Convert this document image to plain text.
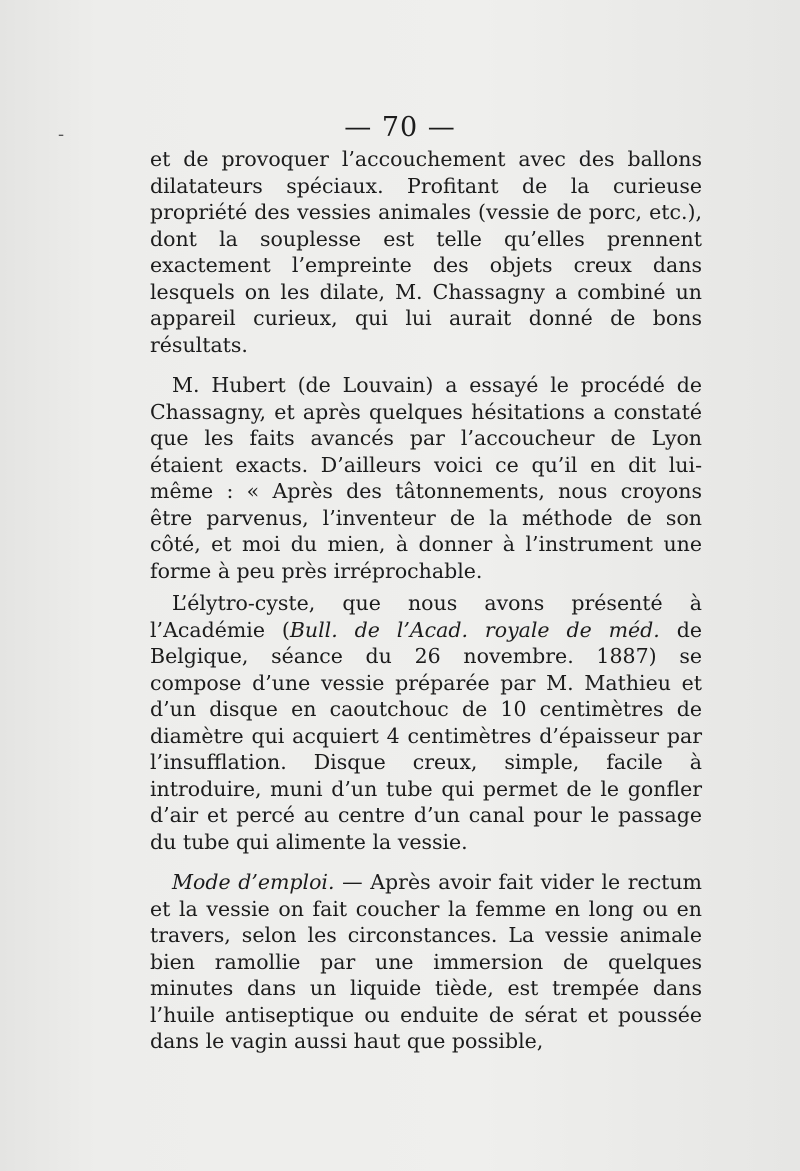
‑	— 70 —

et de provoquer l’accouchement avec des ballons dilatateurs spéciaux. Profitant de la curieuse propriété des vessies animales (vessie de porc, etc.), dont la souplesse est telle qu’elles prennent exactement l’empreinte des objets creux dans lesquels on les dilate, M. Chassagny a combiné un appareil curieux, qui lui aurait donné de bons résultats.

M. Hubert (de Louvain) a essayé le procédé de Chassagny, et après quelques hésitations a constaté que les faits avancés par l’accoucheur de Lyon étaient exacts. D’ailleurs voici ce qu’il en dit lui-même : « Après des tâtonnements, nous croyons être parvenus, l’inventeur de la méthode de son côté, et moi du mien, à donner à l’instrument une forme à peu près irréprochable.

L’élytro-cyste, que nous avons présenté à l’Académie (Bull. de l’Acad. royale de méd. de Belgique, séance du 26 novembre. 1887) se compose d’une vessie préparée par M. Mathieu et d’un disque en caoutchouc de 10 centimètres de diamètre qui acquiert 4 centimètres d’épaisseur par l’insufflation. Disque creux, simple, facile à introduire, muni d’un tube qui permet de le gonfler d’air et percé au centre d’un canal pour le passage du tube qui alimente la vessie.

Mode d’emploi. — Après avoir fait vider le rectum et la vessie on fait coucher la femme en long ou en travers, selon les circonstances. La vessie animale bien ramollie par une immersion de quelques minutes dans un liquide tiède, est trempée dans l’huile antiseptique ou enduite de sérat et poussée dans le vagin aussi haut que possible,
